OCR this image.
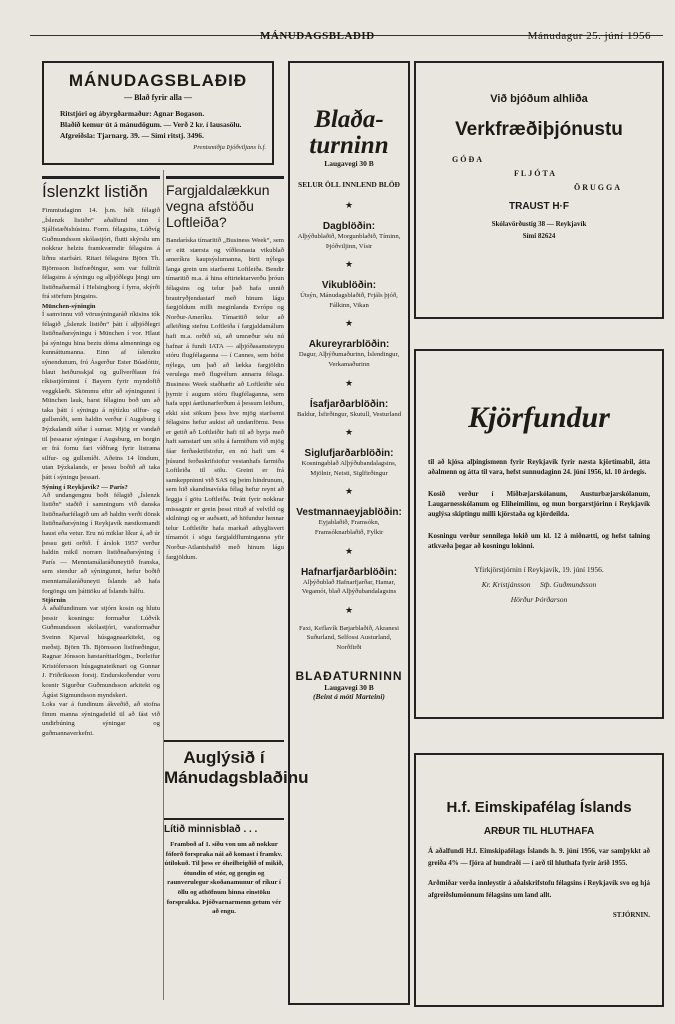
MÁNUDAGSBLAÐIÐ	Mánudagur 25. júní 1956
MÁNUDAGSBLAÐIÐ
— Blað fyrir alla —

Ritstjóri og ábyrgðarmaður: Agnar Bogason.

Blaðið kemur út á mánudögum. — Verð 2 kr. í lausasölu.

Afgreiðsla: Tjarnarg. 39. — Sími ritstj. 3496.

Prentsmiðja Þjóðviljans h.f.
Íslenzkt listiðn
Fimmtudaginn 14. þ.m. hélt félagið „Íslenzk listiðn“ aðalfund sinn í Sjálfstæðishúsinu. Form. félagsins, Lúðvíg Guðmundsson skólastjóri, flutti skýrslu um nokkrar helztu framkvæmdir félagsins á liðnu starfsári. Ritari félagsins Björn Th. Björnsson listfræðingur, sem var fulltrúi félagsins á sýningu og alþjóðlegu þingi um listiðnaðarmál í Helsingborg í fyrra, skýrði frá störfum þingsins.
München-sýningin
Í samvinnu við vörusýningaráð ríkisins tók félagið „Íslenzk listiðn“ þátt í alþjóðlegri listiðnaðarsýningu í München í vor. Hlaut þá sýningu hina beztu dóma almennings og kunnáttumanna. Einn af íslenzku sýnendunum, frú Ásgerður Ester Búadóttir, hlaut heiðursskjal og gullverðlaun frá ríkisstjórninni í Bayern fyrir myndofið veggklæði. Skömmu eftir að sýningunni í München lauk, barst félaginu boð um að taka þátt í sýningu á nýtízku silfur- og gullsmíði, sem haldin verður í Augsburg í Þýzkalandi síðar í sumar. Mjög er vandað til þessarar sýningar í Augsburg, en borgin er frá fornu fari víðfræg fyrir listræna silfur- og gullsmíði. Aðeins 14 löndum, utan Þýzkalands, er þessu boðið að taka þátt í sýningu þessari.
Sýning í Reykjavík? — París?
Að undangengnu boði félagið „Íslenzk listiðn“ staðið í samningum við danska listiðnaðarfélagið um að haldin verði dönsk listiðnaðarsýning í Reykjavík næstkomandi haust eða vetur. Eru nú miklar líkur á, að úr þessu geti orðið. Í árslok 1957 verður haldin mikil norræn listiðnaðarsýning í París — Menntamálaráðuneytið franska, sem stendur að sýningunni, hefur boðið menntamálaráðuneyti Íslands að hafa forgöngu um þátttöku af Íslands hálfu.
Stjórnin
Á aðalfundinum var stjórn kosin og hlutu þessir kosningu: formaður Lúðvík Guðmundsson skólastjóri, varaformaður Sveinn Kjarval húsgagnaarkitekt, og meðstj. Björn Th. Björnsson listfræðingur, Ragnar Jónsson hæstaréttarlögm., Þorleifur Kristófersson húsgagnateiknari og Gunnar J. Friðriksson forstj. Endurskoðendur voru kosnir Sigurður Guðmundsson arkitekt og Ágúst Sigmundsson myndskeri.
Loks var á fundinum ákveðið, að stofna fimm manna sýningadeild til að fást við undirbúning sýningar og guðmannaverkefni.
Fargjaldalækkun vegna afstöðu Loftleiða?
Bandaríska tímaritið „Business Week“, sem er eitt stærsta og víðlesnasta vikublað ameríkra kaupsýslumanna, birti nýlega langa grein um starfsemi Loftleiða. Bendir tímaritið m.a. á hina eftirtektarverðu þróun félagsins og telur það hafa unnið brautryðjendastarf með hinum lágu fargjöldum milli meginlanda Evrópu og Norður-Ameríku. Tímaritið telur að afleiðing stefnu Loftleiða í fargjaldamálum hafi m.a. orðið sú, að umræður séu nú hafnar á fundi IATA — alþjóðasamsteypu stóru flugfélaganna — í Cannes, sem hófst nýlega, um það að lækka fargjöldin verulega með flugvélum annarra félaga. Business Week staðhæfir að Loftleiðir séu þyrnir í augum stóru flugfélaganna, sem hafa uppi áætlunarferðum á þessum leiðum, ekki síst sökum þess hve mjög starfsemi félagsins hefur aukist að undanförnu. Þess er getið að Loftleiðir hafi til að byrja með haft samstarf um sölu á farmiðum við mjög fáar ferðaskrifstofur, en nú hafi um 4 þúsund ferðaskrifstofur vestanhafs farmiða Loftleiða til sölu. Greint er frá samkeppninni við SAS og þeim hindrunum, sem hið skandinavíska félag hefur reynt að leggja í götu Loftleiða. Þrátt fyrir nokkrar missagnir er grein þessi rituð af velvild og skilningi og er auðsætt, að höfundur hennar telur Loftleiðir hafa markað athyglisvert tímamót í sögu fargjaldfluminganna yfir Norður-Atlantshafið með hinum lágu fargjöldum.
Auglýsið í Mánudagsblaðinu
Lítið minnisblað . . .
Framboð af 1. síðu von um að nokkur fóforð forspraka nái að komast í framkv. útilokuð. Til þess er óheilbrigðið of mikið, ótundin of stór, og gengin og raunverulegur skoðanamunur of ríkur í öllu og athöfnum hinna einstöku forsprakka. Þjóðvarnarmenn getum vér að engu.
Blaða-turninn
Laugavegi 30 B
SELUR ÖLL INNLEND BLÖÐ
★
Dagblöðin:
Alþýðublaðið, Morgunblaðið, Tíminn, Þjóðviljinn, Vísir
★
Vikublöðin:
Útsýn, Mánudagsblaðið, Frjáls þjóð, Fálkinn, Vikan
★
Akureyrarblöðin:
Dagur, Alþýðumaðurinn, Íslendingur, Verkamaðurinn
★
Ísafjarðarblöðin:
Baldur, Ísfirðingur, Skutull, Vesturland
★
Siglufjarðarblöðin:
Kosningablað Alþýðubandalagsins, Mjölnir, Neisti, Siglfirðingur
★
Vestmannaeyjablöðin:
Eyjablaðið, Framsókn, Framsóknarblaðið, Fylkir
★
Hafnarfjarðarblöðin:
Alþýðublað Hafnarfjarðar, Hamar, Vegamót, blað Alþýðubandalagsins
★
Faxi, Keflavík Bæjarblaðið, Akranesi Suðurland, Selfossi Austurland, Norðfirði
BLAÐATURNINN
Laugavegi 30 B
(Beint á móti Marteini)
Við bjóðum alhliða
Verkfræðiþjónustu
GÓÐA
FLJÓTA
ÖRUGGA
TRAUST H·F
Skólavörðustíg 38 — Reykjavík
Sími 82624
Kjörfundur
til að kjósa alþingismenn fyrir Reykjavík fyrir næsta kjörtímabil, átta aðalmenn og átta til vara, hefst sunnudaginn 24. júní 1956, kl. 10 árdegis.
Kosið verður í Miðbæjarskólanum, Austurbæjarskólanum, Laugarnesskólanum og Eliheimilinu, og mun borgarstjórinn í Reykjavík auglýsa skiptingu milli kjörstaða og kjördeilda.
Kosningu verður sennilega lokið um kl. 12 á miðnætti, og hefst talning atkvæða þegar að kosningu lokinni.
Yfirkjörstjórnin í Reykjavík, 19. júní 1956.
Kr. Kristjánsson Stþ. Guðmundsson
Hörður Þórðarson
H.f. Eimskipafélag Íslands
ARÐUR TIL HLUTHAFA
Á aðalfundi H.f. Eimskipafélags Íslands h. 9. júní 1956, var samþykkt að greiða 4% — fjóra af hundraði — í arð til hluthafa fyrir árið 1955.
Arðmiðar verða innleystir á aðalskrifstofu félagsins í Reykjavík svo og hjá afgreiðslumönnum félagsins um land allt.
STJÓRNIN.
